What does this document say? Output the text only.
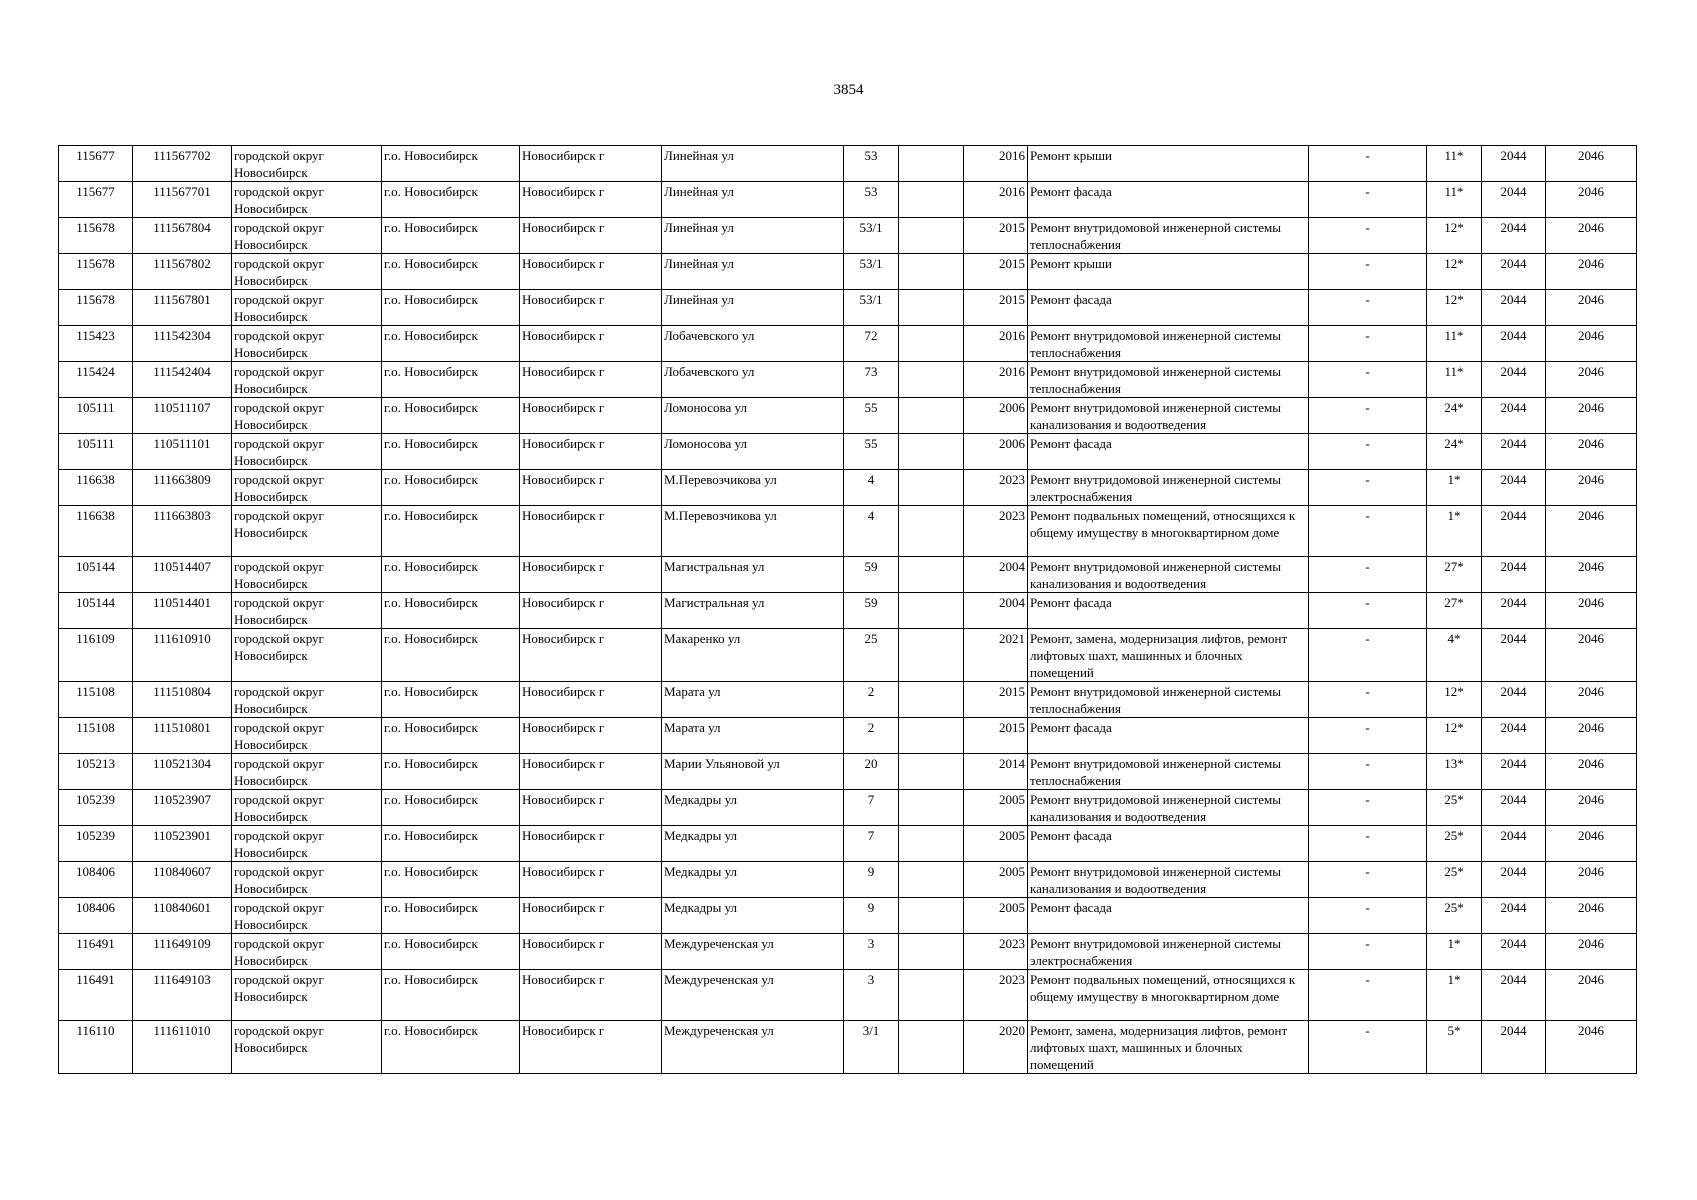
3854
115677	111567702	городской округ Новосибирск	г.о. Новосибирск	Новосибирск г	Линейная ул	53		2016	Ремонт крыши	-	11*	2044	2046
115677	111567701	городской округ Новосибирск	г.о. Новосибирск	Новосибирск г	Линейная ул	53		2016	Ремонт фасада	-	11*	2044	2046
115678	111567804	городской округ Новосибирск	г.о. Новосибирск	Новосибирск г	Линейная ул	53/1		2015	Ремонт внутридомовой инженерной системы теплоснабжения	-	12*	2044	2046
115678	111567802	городской округ Новосибирск	г.о. Новосибирск	Новосибирск г	Линейная ул	53/1		2015	Ремонт крыши	-	12*	2044	2046
115678	111567801	городской округ Новосибирск	г.о. Новосибирск	Новосибирск г	Линейная ул	53/1		2015	Ремонт фасада	-	12*	2044	2046
115423	111542304	городской округ Новосибирск	г.о. Новосибирск	Новосибирск г	Лобачевского ул	72		2016	Ремонт внутридомовой инженерной системы теплоснабжения	-	11*	2044	2046
115424	111542404	городской округ Новосибирск	г.о. Новосибирск	Новосибирск г	Лобачевского ул	73		2016	Ремонт внутридомовой инженерной системы теплоснабжения	-	11*	2044	2046
105111	110511107	городской округ Новосибирск	г.о. Новосибирск	Новосибирск г	Ломоносова ул	55		2006	Ремонт внутридомовой инженерной системы канализования и водоотведения	-	24*	2044	2046
105111	110511101	городской округ Новосибирск	г.о. Новосибирск	Новосибирск г	Ломоносова ул	55		2006	Ремонт фасада	-	24*	2044	2046
116638	111663809	городской округ Новосибирск	г.о. Новосибирск	Новосибирск г	М.Перевозчикова ул	4		2023	Ремонт внутридомовой инженерной системы электроснабжения	-	1*	2044	2046
116638	111663803	городской округ Новосибирск	г.о. Новосибирск	Новосибирск г	М.Перевозчикова ул	4		2023	Ремонт подвальных помещений, относящихся к общему имуществу в многоквартирном доме	-	1*	2044	2046
105144	110514407	городской округ Новосибирск	г.о. Новосибирск	Новосибирск г	Магистральная ул	59		2004	Ремонт внутридомовой инженерной системы канализования и водоотведения	-	27*	2044	2046
105144	110514401	городской округ Новосибирск	г.о. Новосибирск	Новосибирск г	Магистральная ул	59		2004	Ремонт фасада	-	27*	2044	2046
116109	111610910	городской округ Новосибирск	г.о. Новосибирск	Новосибирск г	Макаренко ул	25		2021	Ремонт, замена, модернизация лифтов, ремонт лифтовых шахт, машинных и блочных помещений	-	4*	2044	2046
115108	111510804	городской округ Новосибирск	г.о. Новосибирск	Новосибирск г	Марата ул	2		2015	Ремонт внутридомовой инженерной системы теплоснабжения	-	12*	2044	2046
115108	111510801	городской округ Новосибирск	г.о. Новосибирск	Новосибирск г	Марата ул	2		2015	Ремонт фасада	-	12*	2044	2046
105213	110521304	городской округ Новосибирск	г.о. Новосибирск	Новосибирск г	Марии Ульяновой ул	20		2014	Ремонт внутридомовой инженерной системы теплоснабжения	-	13*	2044	2046
105239	110523907	городской округ Новосибирск	г.о. Новосибирск	Новосибирск г	Медкадры ул	7		2005	Ремонт внутридомовой инженерной системы канализования и водоотведения	-	25*	2044	2046
105239	110523901	городской округ Новосибирск	г.о. Новосибирск	Новосибирск г	Медкадры ул	7		2005	Ремонт фасада	-	25*	2044	2046
108406	110840607	городской округ Новосибирск	г.о. Новосибирск	Новосибирск г	Медкадры ул	9		2005	Ремонт внутридомовой инженерной системы канализования и водоотведения	-	25*	2044	2046
108406	110840601	городской округ Новосибирск	г.о. Новосибирск	Новосибирск г	Медкадры ул	9		2005	Ремонт фасада	-	25*	2044	2046
116491	111649109	городской округ Новосибирск	г.о. Новосибирск	Новосибирск г	Междуреченская ул	3		2023	Ремонт внутридомовой инженерной системы электроснабжения	-	1*	2044	2046
116491	111649103	городской округ Новосибирск	г.о. Новосибирск	Новосибирск г	Междуреченская ул	3		2023	Ремонт подвальных помещений, относящихся к общему имуществу в многоквартирном доме	-	1*	2044	2046
116110	111611010	городской округ Новосибирск	г.о. Новосибирск	Новосибирск г	Междуреченская ул	3/1		2020	Ремонт, замена, модернизация лифтов, ремонт лифтовых шахт, машинных и блочных помещений	-	5*	2044	2046
